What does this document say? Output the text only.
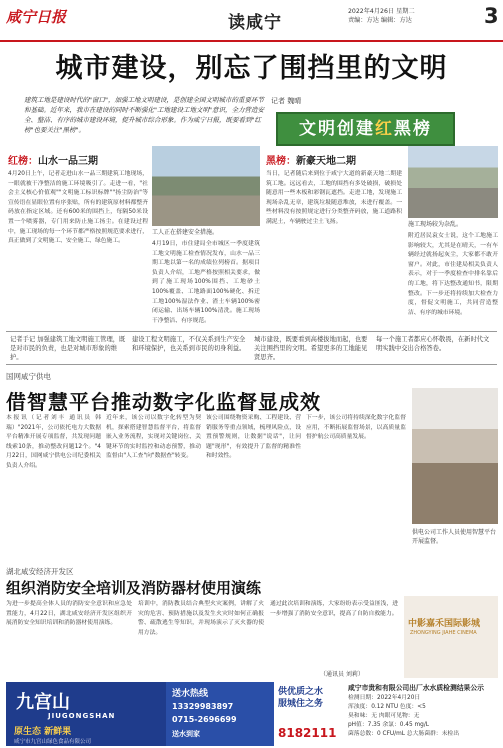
咸宁日报	读咸宁
2022年4月26日 星期二
责编：方达 编辑：方达	3
城市建设，别忘了围挡里的文明
建筑工地是建设时代的"窗口"，加强工地文明建设，是创建全国文明城市的重要环节和基础。近年来，我市在建设的同时不断强化"工地建设工地文明"意识，全力营造安全、整洁、有序的城市建设环境，提升城市综合形象。作为咸宁日报，既要看到"红榜"也要关注"黑榜"。
记者 魏晴
文明创建红黑榜
红榜：山水一品三期
4月20日上午，记者走进山水一品三期建筑工地现场，一眼就被干净整洁的施工环境吸引了。走进一看，"社会主义核心价值观""文明施工标识标牌""扬尘防治"等宣传语在显眼位置有序张贴，所有的建筑原材料都整齐码放在指定区域。还有600米的围挡上，每隔50米设置一个喷雾器，专门用来防止施工扬尘。在建设过程中，施工现场的每一个环节都严格按照规范要求进行，真正做到了文明施工、安全施工、绿色施工。
工人正在搭建安全措施。
4月19日，市住建局全市城区一季度建筑工地文明施工检查情况发布，山水一品三期工地以第一名的成绩位列榜首。据项目负责人介绍，工地严格按照相关要求，做到了施工现场100%围挡、工地砂土100%覆盖、工地路面100%硬化、拆迁工地100%湿法作业、渣土车辆100%密闭运输、出场车辆100%清洗。施工现场干净整洁、有序规范。
黑榜：新豪天地二期
当日，记者随后来到位于咸宁大道的新豪天地二期建筑工地。远远看去，工地的围挡有多处破损，破损处随意用一些木板和彩钢瓦遮挡。走进工地，发现施工现场杂乱无章，建筑垃圾随意堆放，未进行覆盖。一些材料没有按照规定进行分类整齐码放，施工道路积满泥土，车辆驶过尘土飞扬。	施工现场较为杂乱。
附近居民袁女士说，这个工地施工影响较大，尤其是在晴天，一有车辆经过就扬起灰尘，大家都不敢开窗户。对此，市住建局相关负责人表示，对于一季度检查中排名靠后的工地，将下达整改通知书，限期整改。下一步还将持续加大检查力度，督促文明施工，共同营造整洁、有序的城市环境。
记者手记 加强建筑工地文明施工管理，既是对市民的负责，也是对城市形象的维护。
建设工程文明施工，不仅关系到生产安全和环境保护，也关系到市民的切身利益。
城市建设，既要看到高楼拔地而起，也要关注围挡里的文明。希望更多的工地能见贤思齐。
每一个施工者都应心怀敬畏，在新时代文明实践中交出合格答卷。
国网咸宁供电
借智慧平台推动数字化监督显成效
本报讯（记者刘丰 通讯员 韩瑞）"2021年，公司依托电力大数据平台精准开展专项监督，共发现问题线索10条，推动整改问题12个。"4月22日，国网咸宁供电公司纪委相关负责人介绍。
近年来，该公司以数字化转型为契机，探索搭建智慧监督平台，将监督嵌入业务流程，实现对关键岗位、关键环节的实时监控和动态预警，推动监督由"人工查"向"数据查"转变。
该公司围绕物资采购、工程建设、营销服务等重点领域，梳理风险点，设置预警规则，让数据"说话"，让问题"现形"，有效提升了监督的精准性和时效性。
下一步，该公司将持续深化数字化监督应用，不断拓展监督场景，以高质量监督护航公司高质量发展。
供电公司工作人员使用智慧平台开展监督。
湖北咸安经济开发区
组织消防安全培训及消防器材使用演练
为进一步提高全体人员的消防安全意识和应急处置能力，4月22日，湖北咸安经济开发区组织开展消防安全知识培训和消防器材使用演练。
培训中，消防教员结合典型火灾案例，讲解了火灾的危害、预防措施以及发生火灾时如何正确报警、疏散逃生等知识，并现场演示了灭火器的使用方法。
通过此次培训和演练，大家纷纷表示受益匪浅，进一步增强了消防安全意识，提高了自防自救能力。
（通讯员 刘莉）
中影嘉禾国际影城
ZHONGYING JIAHE CINEMA
九宫山
JIUGONGSHAN
原生态 新鲜果
咸宁市九宫山绿色食品有限公司
送水热线
13329983897
0715-2696699
送水到家
供优质之水
服城住之务
8182111
咸宁市贵和有限公司出厂水水质检测结果公示
检测日期：2022年4月20日
浑浊度：0.12 NTU 色度：<5
臭和味：无 肉眼可见物：无
pH值：7.35 余氯：0.45 mg/L
菌落总数：0 CFU/mL 总大肠菌群：未检出
